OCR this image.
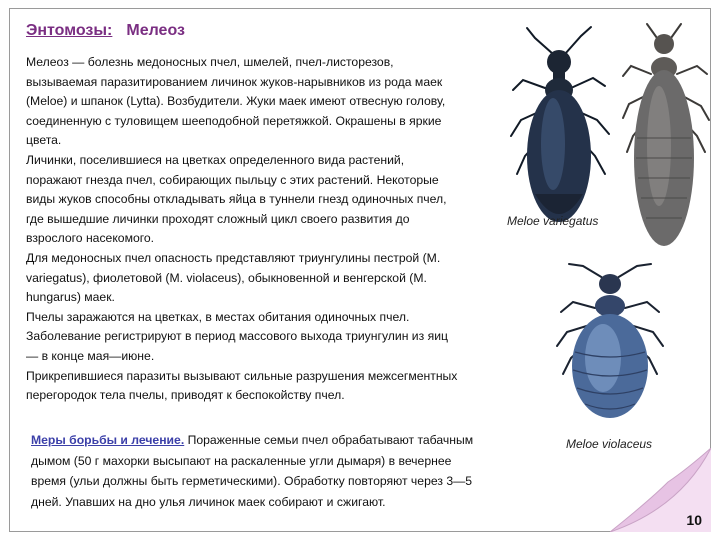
Энтомозы: Мелеоз

Мелеоз — болезнь медоносных пчел, шмелей, пчел-листорезов,

вызываемая паразитированием личинок жуков-нарывников из рода маек

(Meloe) и шпанок (Lytta). Возбудители. Жуки маек имеют отвесную голову,

соединенную с туловищем шееподобной перетяжкой. Окрашены в яркие

цвета.

Личинки, поселившиеся на цветках определенного вида растений,

поражают гнезда пчел, собирающих пыльцу с этих растений. Некоторые

виды жуков способны откладывать яйца в туннели гнезд одиночных пчел,

где вышедшие личинки проходят сложный цикл своего развития до

взрослого насекомого.

Для медоносных пчел опасность представляют триунгулины пестрой (M.

variegatus), фиолетовой (M. violaceus), обыкновенной и венгерской (M.

hungarus) маек.

Пчелы заражаются на цветках, в местах обитания одиночных пчел.

Заболевание регистрируют в период массового выхода триунгулин из яиц

— в конце мая—июне.

Прикрепившиеся паразиты вызывают сильные разрушения межсегментных

перегородок тела пчелы, приводят к беспокойству пчел.

Meloe variegatus
Meloe violaceus

Меры борьбы и лечение. Пораженные семьи пчел обрабатывают табачным

дымом (50 г махорки высыпают на раскаленные угли дымаря) в вечернее

время (ульи должны быть герметическими). Обработку повторяют через 3—5

дней. Упавших на дно улья личинок маек собирают и сжигают.

10
